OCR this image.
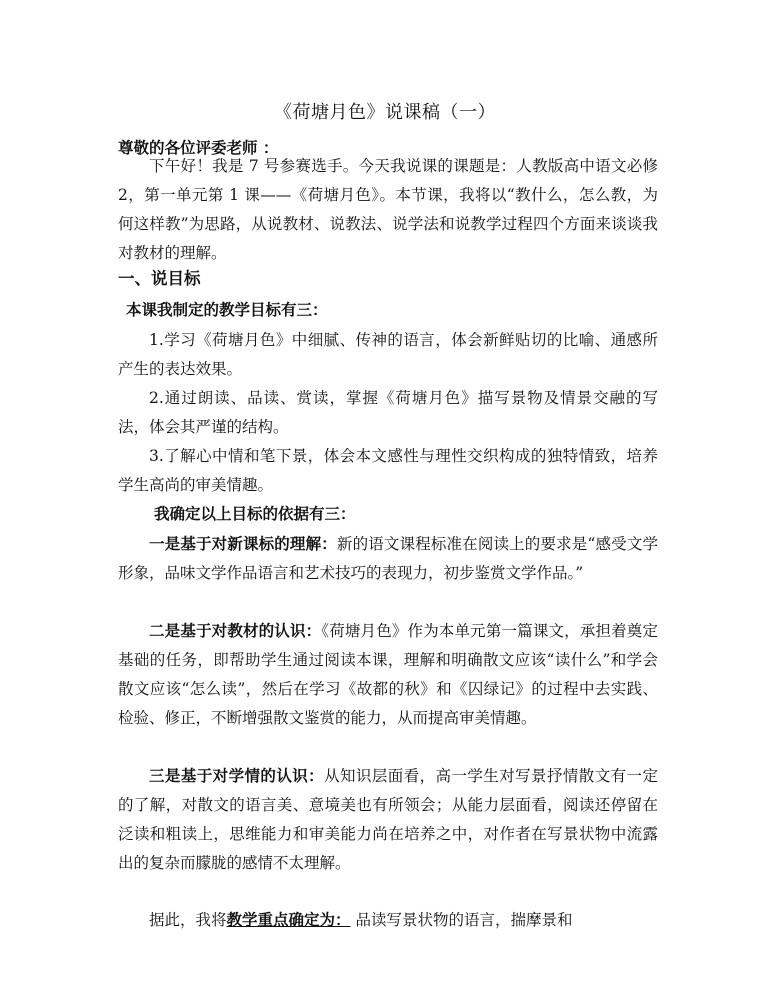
《荷塘月色》说课稿（一）
尊敬的各位评委老师 ：

下午好！我是 7 号参赛选手。今天我说课的课题是：人教版高中语文必修 2，第一单元第 1 课——《荷塘月色》。本节课，我将以“教什么，怎么教，为何这样教”为思路，从说教材、说教法、说学法和说教学过程四个方面来谈谈我对教材的理解。

一、说目标
本课我制定的教学目标有三：

1.学习《荷塘月色》中细腻、传神的语言，体会新鲜贴切的比喻、通感所产生的表达效果。

2.通过朗读、品读、赏读，掌握《荷塘月色》描写景物及情景交融的写法，体会其严谨的结构。

3.了解心中情和笔下景，体会本文感性与理性交织构成的独特情致，培养学生高尚的审美情趣。

我确定以上目标的依据有三：

一是基于对新课标的理解：新的语文课程标准在阅读上的要求是“感受文学形象，品味文学作品语言和艺术技巧的表现力，初步鉴赏文学作品。”

二是基于对教材的认识：《荷塘月色》作为本单元第一篇课文，承担着奠定基础的任务，即帮助学生通过阅读本课，理解和明确散文应该“读什么”和学会散文应该“怎么读”，然后在学习《故都的秋》和《囚绿记》的过程中去实践、检验、修正，不断增强散文鉴赏的能力，从而提高审美情趣。

三是基于对学情的认识：从知识层面看，高一学生对写景抒情散文有一定的了解，对散文的语言美、意境美也有所领会；从能力层面看，阅读还停留在泛读和粗读上，思维能力和审美能力尚在培养之中，对作者在写景状物中流露出的复杂而朦胧的感情不太理解。

据此，我将教学重点确定为： 品读写景状物的语言，揣摩景和
